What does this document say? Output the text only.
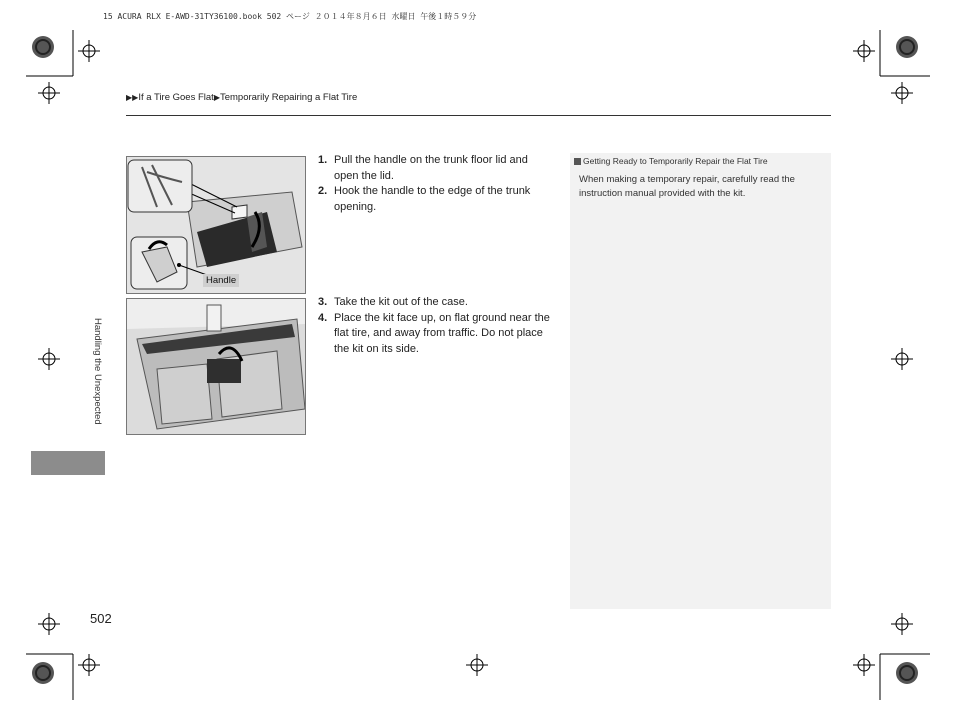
15 ACURA RLX E-AWD-31TY36100.book 502 ページ ２０１４年８月６日 水曜日 午後１時５９分
▶▶If a Tire Goes Flat▶Temporarily Repairing a Flat Tire
Handle

1. Pull the handle on the trunk floor lid and open the lid.

2. Hook the handle to the edge of the trunk opening.

3. Take the kit out of the case.

4. Place the kit face up, on flat ground near the flat tire, and away from traffic. Do not place the kit on its side.

Getting Ready to Temporarily Repair the Flat Tire
When making a temporary repair, carefully read the instruction manual provided with the kit.
Handling the Unexpected
502
